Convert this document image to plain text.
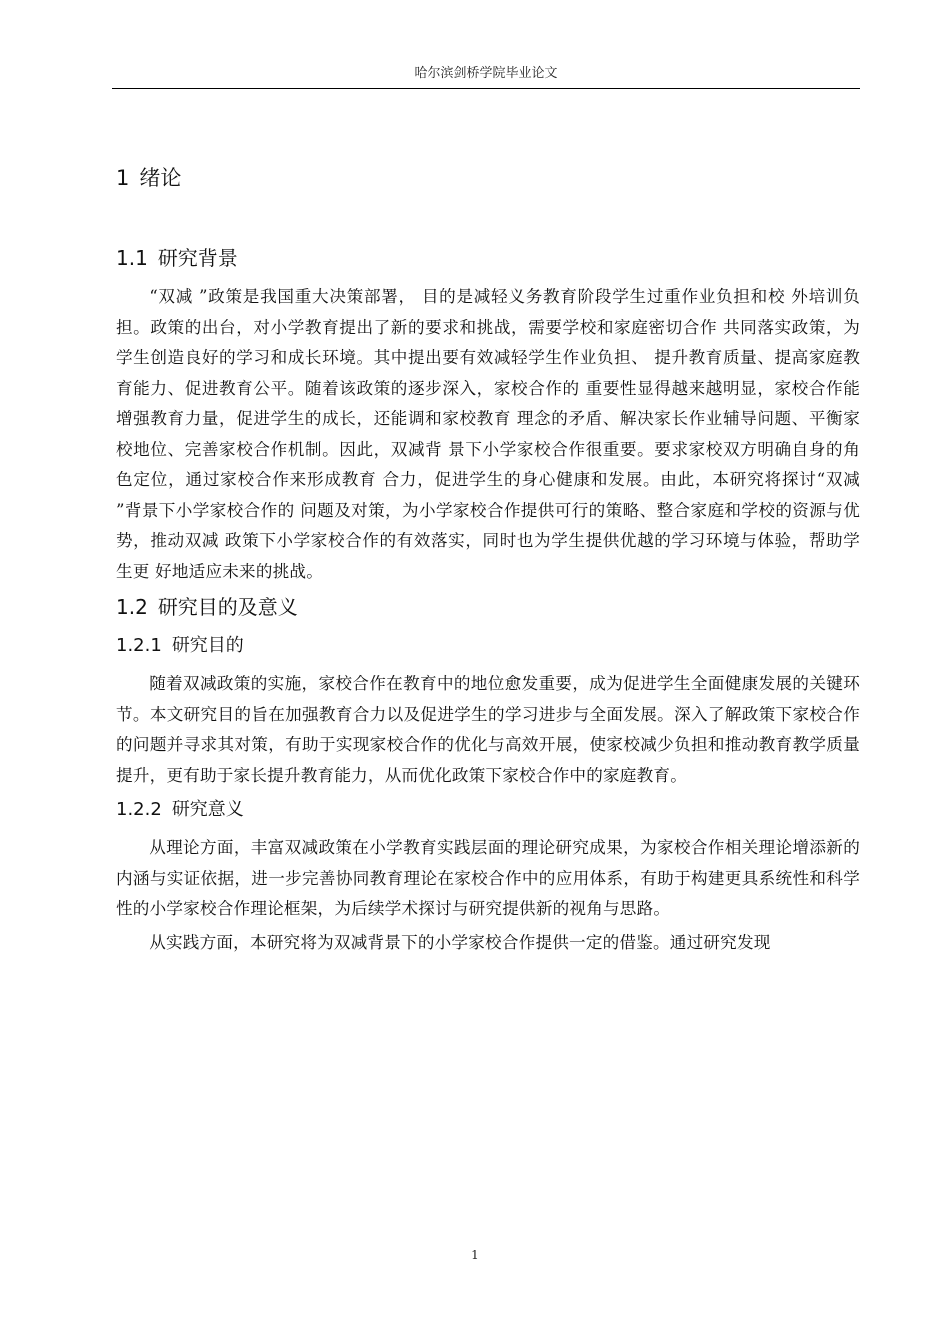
哈尔滨剑桥学院毕业论文
1 绪论
1.1 研究背景

“双减 ”政策是我国重大决策部署， 目的是减轻义务教育阶段学生过重作业负担和校 外培训负担。政策的出台，对小学教育提出了新的要求和挑战，需要学校和家庭密切合作 共同落实政策，为学生创造良好的学习和成长环境。其中提出要有效减轻学生作业负担、 提升教育质量、提高家庭教育能力、促进教育公平。随着该政策的逐步深入，家校合作的 重要性显得越来越明显，家校合作能增强教育力量，促进学生的成长，还能调和家校教育 理念的矛盾、解决家长作业辅导问题、平衡家校地位、完善家校合作机制。因此，双减背 景下小学家校合作很重要。要求家校双方明确自身的角色定位，通过家校合作来形成教育 合力，促进学生的身心健康和发展。由此，本研究将探讨“双减 ”背景下小学家校合作的 问题及对策，为小学家校合作提供可行的策略、整合家庭和学校的资源与优势，推动双减 政策下小学家校合作的有效落实，同时也为学生提供优越的学习环境与体验，帮助学生更 好地适应未来的挑战。

1.2 研究目的及意义
1.2.1 研究目的

随着双减政策的实施，家校合作在教育中的地位愈发重要，成为促进学生全面健康发展的关键环节。本文研究目的旨在加强教育合力以及促进学生的学习进步与全面发展。深入了解政策下家校合作的问题并寻求其对策，有助于实现家校合作的优化与高效开展，使家校减少负担和推动教育教学质量提升，更有助于家长提升教育能力，从而优化政策下家校合作中的家庭教育。

1.2.2 研究意义

从理论方面，丰富双减政策在小学教育实践层面的理论研究成果，为家校合作相关理论增添新的内涵与实证依据，进一步完善协同教育理论在家校合作中的应用体系，有助于构建更具系统性和科学性的小学家校合作理论框架，为后续学术探讨与研究提供新的视角与思路。

从实践方面，本研究将为双减背景下的小学家校合作提供一定的借鉴。通过研究发现

1
